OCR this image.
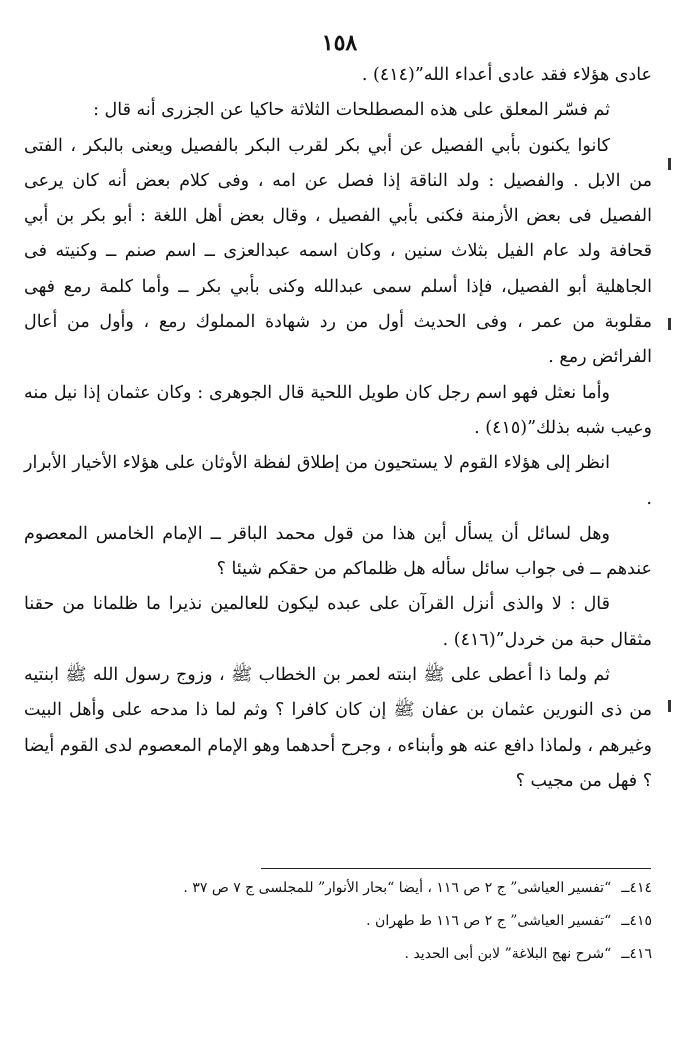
١٥٨

عادى هؤلاء فقد عادى أعداء الله”(٤١٤) .

ثم فسّر المعلق على هذه المصطلحات الثلاثة حاكيا عن الجزرى أنه قال :

كانوا يكنون بأبي الفصيل عن أبي بكر لقرب البكر بالفصيل ويعنى بالبكر ، الفتى من الابل . والفصيل : ولد الناقة إذا فصل عن امه ، وفى كلام بعض أنه كان يرعى الفصيل فى بعض الأزمنة فكنى بأبي الفصيل ، وقال بعض أهل اللغة : أبو بكر بن أبي قحافة ولد عام الفيل بثلاث سنين ، وكان اسمه عبدالعزى ــ اسم صنم ــ وكنيته فى الجاهلية أبو الفصيل، فإذا أسلم سمى عبدالله وكنى بأبي بكر ــ وأما كلمة رمع فهى مقلوبة من عمر ، وفى الحديث أول من رد شهادة المملوك رمع ، وأول من أعال الفرائض رمع .

وأما نعثل فهو اسم رجل كان طويل اللحية قال الجوهرى : وكان عثمان إذا نيل منه وعيب شبه بذلك”(٤١٥) .

انظر إلى هؤلاء القوم لا يستحيون من إطلاق لفظة الأوثان على هؤلاء الأخيار الأبرار .

وهل لسائل أن يسأل أين هذا من قول محمد الباقر ــ الإمام الخامس المعصوم عندهم ــ فى جواب سائل سأله هل ظلماكم من حقكم شيئا ؟

قال : لا والذى أنزل القرآن على عبده ليكون للعالمين نذيرا ما ظلمانا من حقنا مثقال حبة من خردل”(٤١٦) .

ثم ولما ذا أعطى على ﷺ ابنته لعمر بن الخطاب ﷺ ، وزوج رسول الله ﷺ ابنتيه من ذى النورين عثمان بن عفان ﷺ إن كان كافرا ؟ وثم لما ذا مدحه على وأهل البيت وغيرهم ، ولماذا دافع عنه هو وأبناءه ، وجرح أحدهما وهو الإمام المعصوم لدى القوم أيضا ؟ فهل من مجيب ؟

٤١٤ــ“تفسير العياشى” ج ٢ ص ١١٦ ، أيضا “بحار الأنوار” للمجلسى ج ٧ ص ٣٧ .
٤١٥ــ“تفسير العياشى” ج ٢ ص ١١٦ ط طهران .
٤١٦ــ“شرح نهج البلاغة” لابن أبى الحديد .
